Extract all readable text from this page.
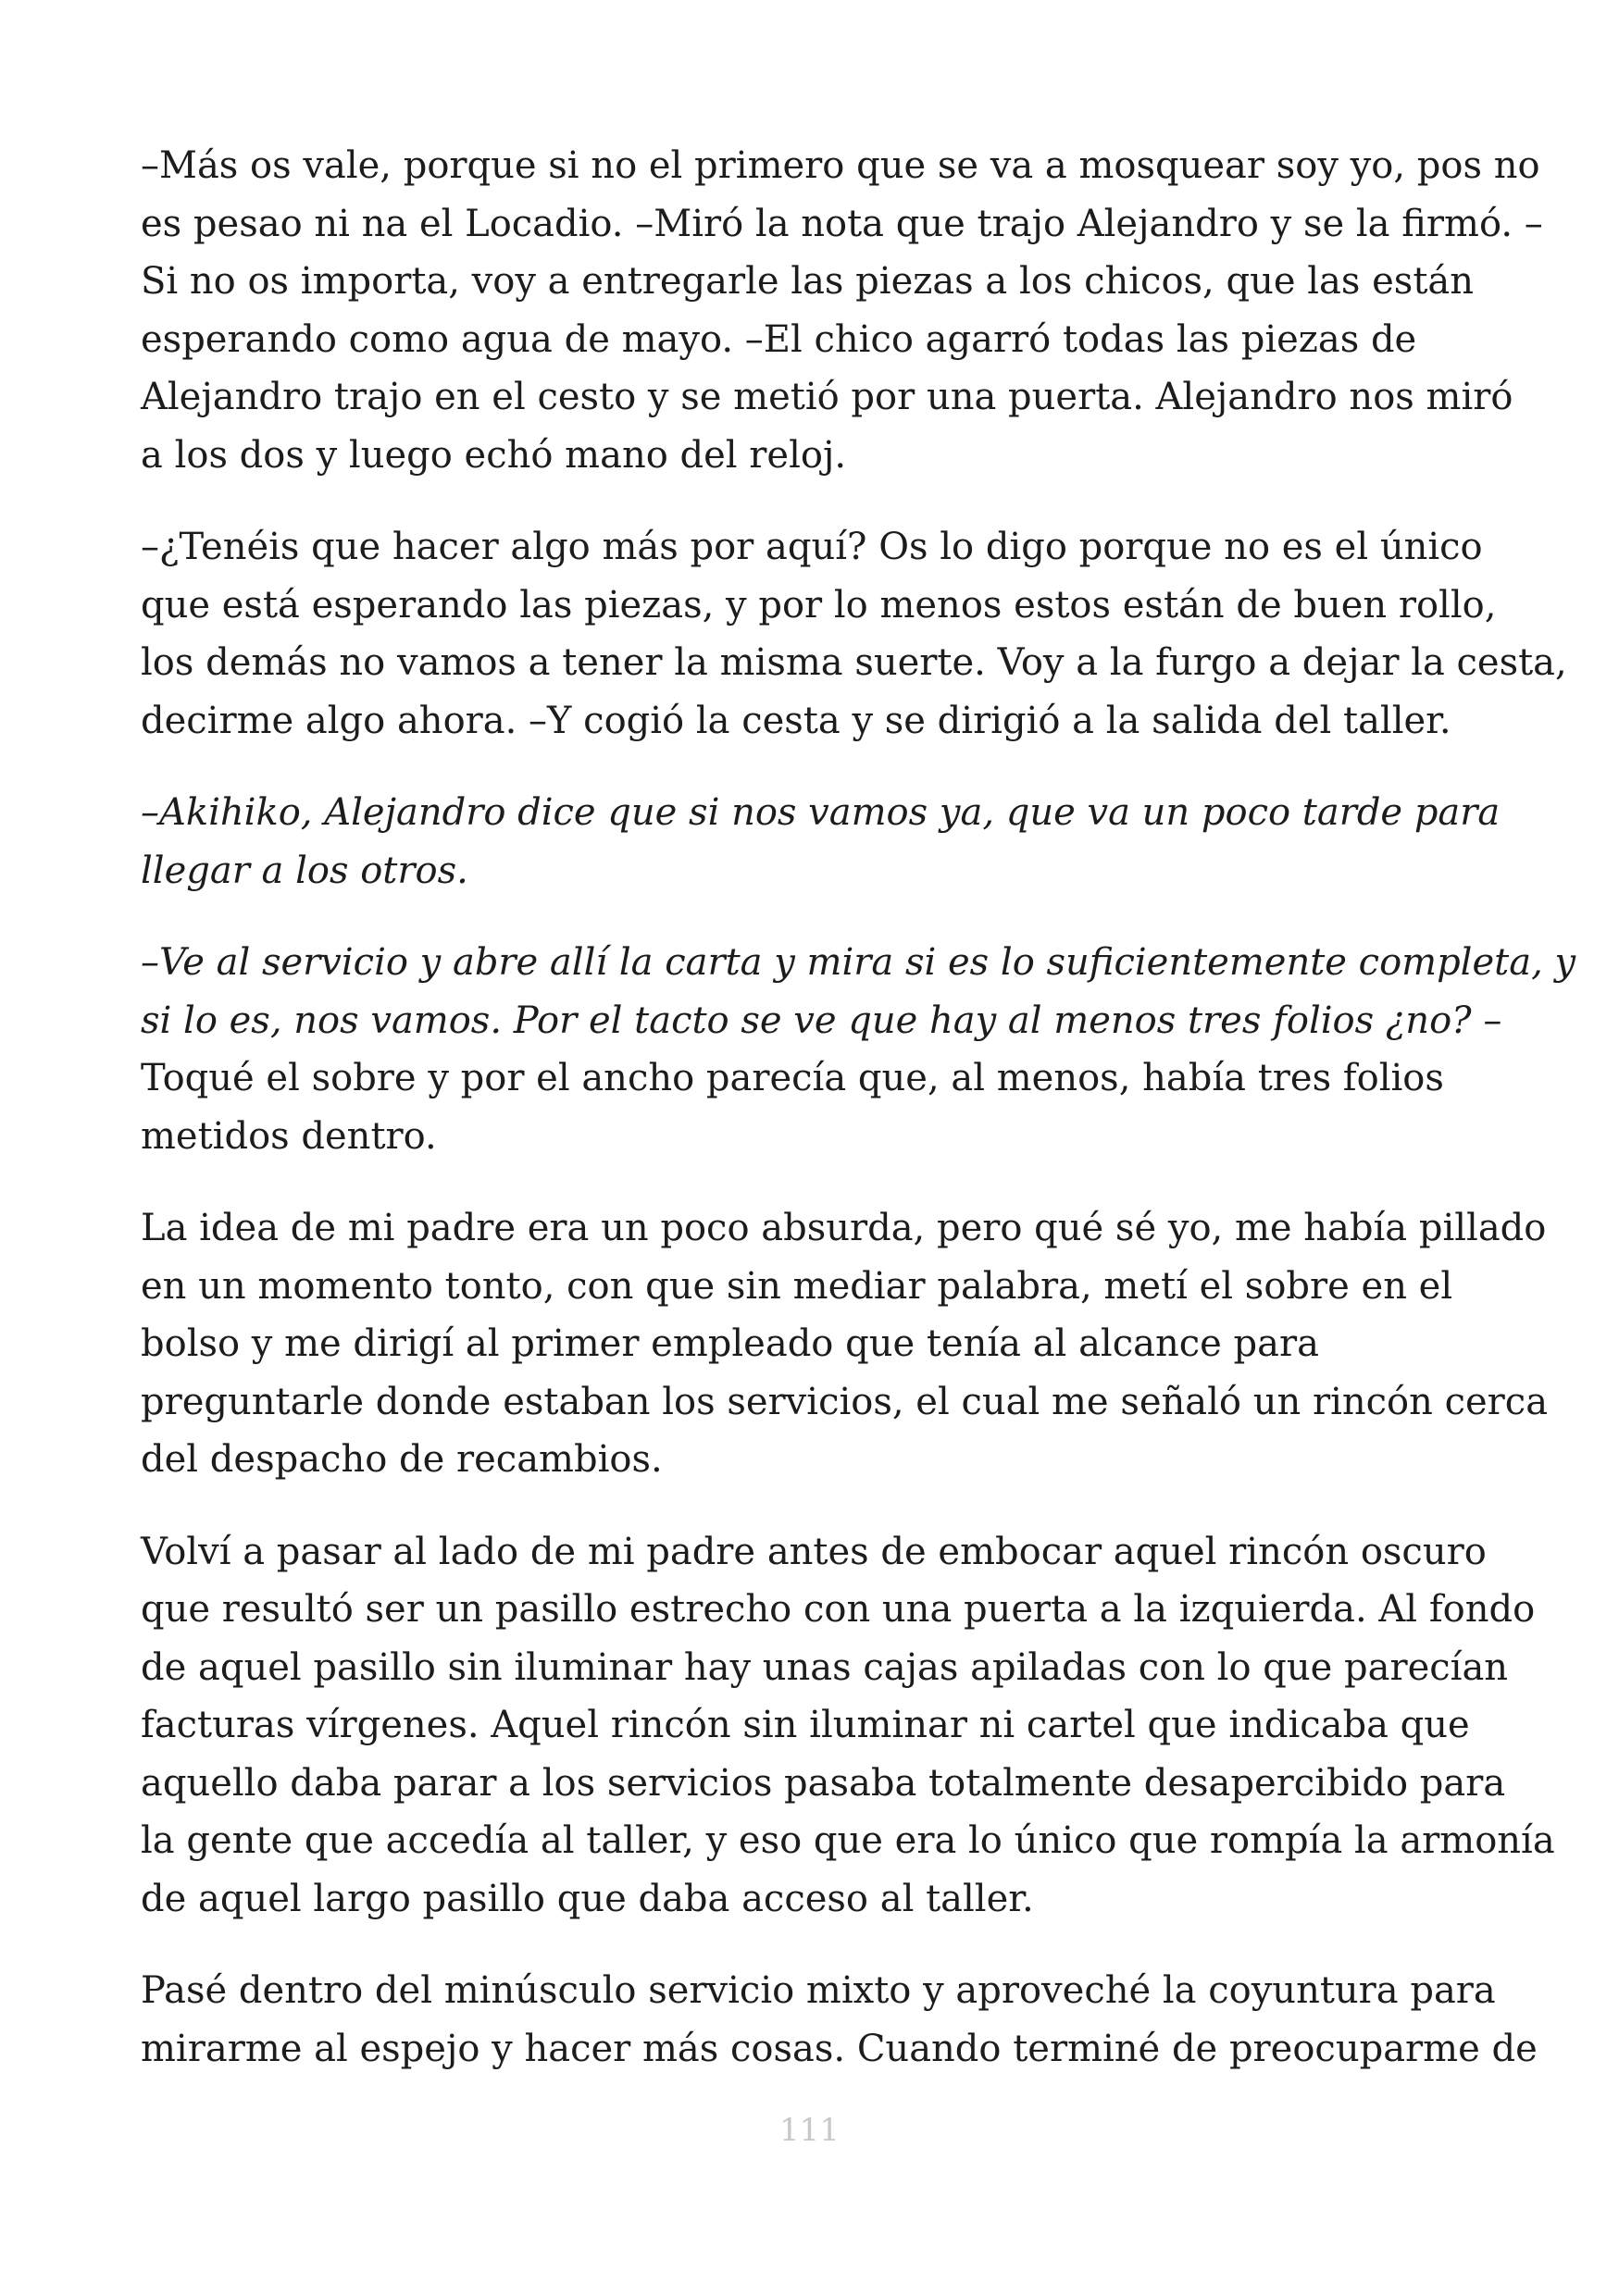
–Más os vale, porque si no el primero que se va a mosquear soy yo, pos no
es pesao ni na el Locadio. –Miró la nota que trajo Alejandro y se la firmó. –
Si no os importa, voy a entregarle las piezas a los chicos, que las están
esperando como agua de mayo. –El chico agarró todas las piezas de
Alejandro trajo en el cesto y se metió por una puerta. Alejandro nos miró
a los dos y luego echó mano del reloj.

–¿Tenéis que hacer algo más por aquí? Os lo digo porque no es el único
que está esperando las piezas, y por lo menos estos están de buen rollo,
los demás no vamos a tener la misma suerte. Voy a la furgo a dejar la cesta,
decirme algo ahora. –Y cogió la cesta y se dirigió a la salida del taller.

–Akihiko, Alejandro dice que si nos vamos ya, que va un poco tarde para
llegar a los otros.

–Ve al servicio y abre allí la carta y mira si es lo suficientemente completa, y
si lo es, nos vamos. Por el tacto se ve que hay al menos tres folios ¿no? –
Toqué el sobre y por el ancho parecía que, al menos, había tres folios
metidos dentro.

La idea de mi padre era un poco absurda, pero qué sé yo, me había pillado
en un momento tonto, con que sin mediar palabra, metí el sobre en el
bolso y me dirigí al primer empleado que tenía al alcance para
preguntarle donde estaban los servicios, el cual me señaló un rincón cerca
del despacho de recambios.

Volví a pasar al lado de mi padre antes de embocar aquel rincón oscuro
que resultó ser un pasillo estrecho con una puerta a la izquierda. Al fondo
de aquel pasillo sin iluminar hay unas cajas apiladas con lo que parecían
facturas vírgenes. Aquel rincón sin iluminar ni cartel que indicaba que
aquello daba parar a los servicios pasaba totalmente desapercibido para
la gente que accedía al taller, y eso que era lo único que rompía la armonía
de aquel largo pasillo que daba acceso al taller.

Pasé dentro del minúsculo servicio mixto y aproveché la coyuntura para
mirarme al espejo y hacer más cosas. Cuando terminé de preocuparme de

111
